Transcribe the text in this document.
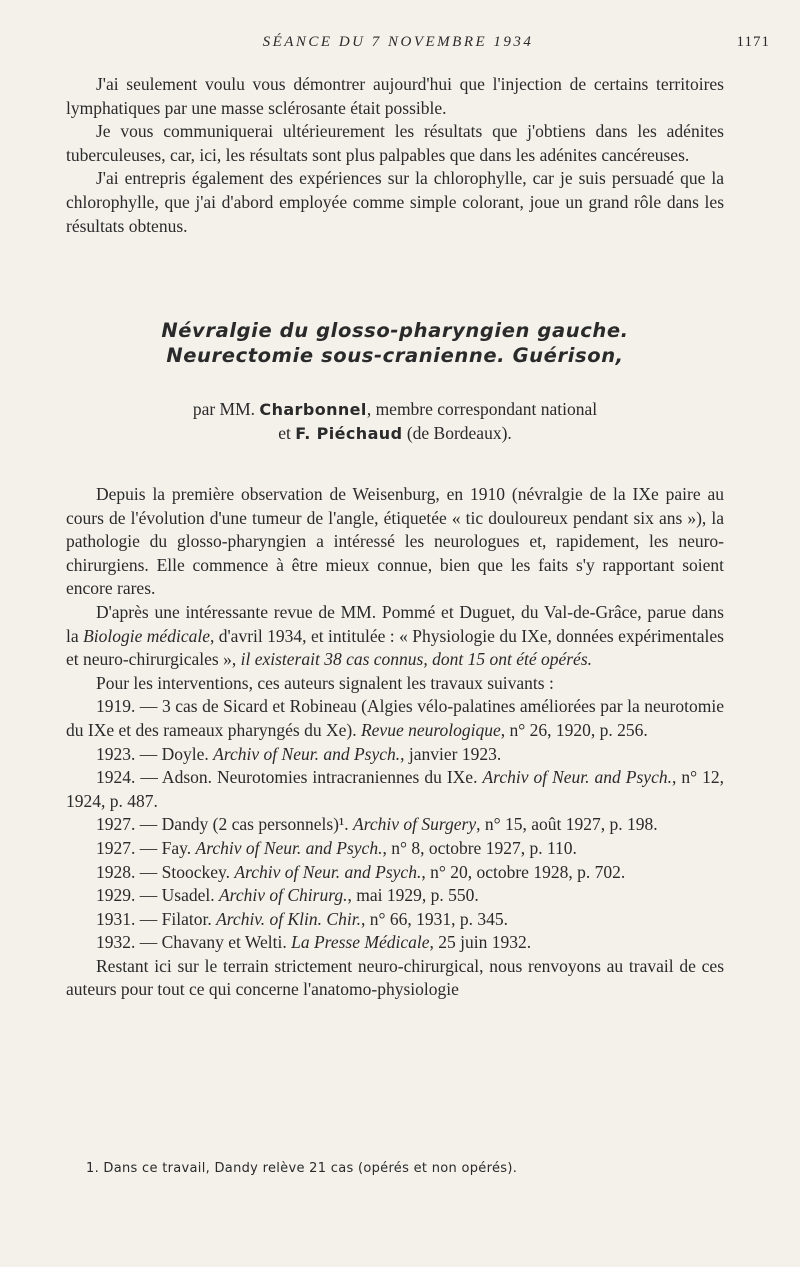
SÉANCE DU 7 NOVEMBRE 1934	1171

J'ai seulement voulu vous démontrer aujourd'hui que l'injection de certains territoires lymphatiques par une masse sclérosante était possible.

Je vous communiquerai ultérieurement les résultats que j'obtiens dans les adénites tuberculeuses, car, ici, les résultats sont plus palpables que dans les adénites cancéreuses.

J'ai entrepris également des expériences sur la chlorophylle, car je suis persuadé que la chlorophylle, que j'ai d'abord employée comme simple colorant, joue un grand rôle dans les résultats obtenus.

Névralgie du glosso-pharyngien gauche.
Neurectomie sous-cranienne. Guérison,
par MM. Charbonnel, membre correspondant national
et F. Piéchaud (de Bordeaux).

Depuis la première observation de Weisenburg, en 1910 (névralgie de la IXe paire au cours de l'évolution d'une tumeur de l'angle, étiquetée « tic douloureux pendant six ans »), la pathologie du glosso-pharyngien a intéressé les neurologues et, rapidement, les neuro-chirurgiens. Elle commence à être mieux connue, bien que les faits s'y rapportant soient encore rares.

D'après une intéressante revue de MM. Pommé et Duguet, du Val-de-Grâce, parue dans la Biologie médicale, d'avril 1934, et intitulée : « Physiologie du IXe, données expérimentales et neuro-chirurgicales », il existerait 38 cas connus, dont 15 ont été opérés.

Pour les interventions, ces auteurs signalent les travaux suivants :

1919. — 3 cas de Sicard et Robineau (Algies vélo-palatines améliorées par la neurotomie du IXe et des rameaux pharyngés du Xe). Revue neurologique, n° 26, 1920, p. 256.

1923. — Doyle. Archiv of Neur. and Psych., janvier 1923.

1924. — Adson. Neurotomies intracraniennes du IXe. Archiv of Neur. and Psych., n° 12, 1924, p. 487.

1927. — Dandy (2 cas personnels)¹. Archiv of Surgery, n° 15, août 1927, p. 198.

1927. — Fay. Archiv of Neur. and Psych., n° 8, octobre 1927, p. 110.

1928. — Stoockey. Archiv of Neur. and Psych., n° 20, octobre 1928, p. 702.

1929. — Usadel. Archiv of Chirurg., mai 1929, p. 550.

1931. — Filator. Archiv. of Klin. Chir., n° 66, 1931, p. 345.

1932. — Chavany et Welti. La Presse Médicale, 25 juin 1932.

Restant ici sur le terrain strictement neuro-chirurgical, nous renvoyons au travail de ces auteurs pour tout ce qui concerne l'anatomo-physiologie

1. Dans ce travail, Dandy relève 21 cas (opérés et non opérés).
